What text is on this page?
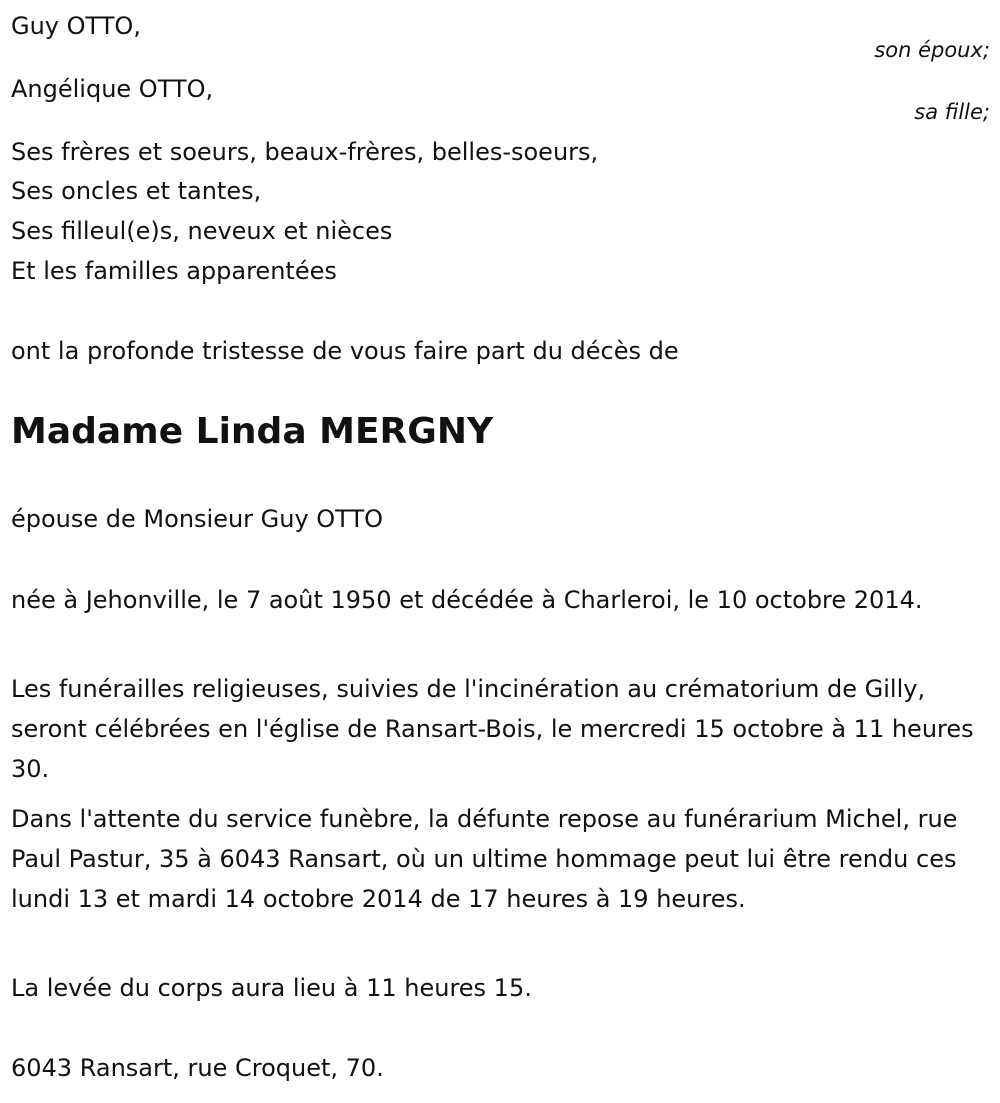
Guy OTTO,

son époux;

Angélique OTTO,

sa fille;

Ses frères et soeurs, beaux-frères, belles-soeurs,

Ses oncles et tantes,

Ses filleul(e)s, neveux et nièces

Et les familles apparentées

ont la profonde tristesse de vous faire part du décès de

Madame Linda MERGNY

épouse de Monsieur Guy OTTO

née à Jehonville, le 7 août 1950 et décédée à Charleroi, le 10 octobre 2014.

Les funérailles religieuses, suivies de l'incinération au crématorium de Gilly, seront célébrées en l'église de Ransart-Bois, le mercredi 15 octobre à 11 heures 30.

Dans l'attente du service funèbre, la défunte repose au funérarium Michel, rue Paul Pastur, 35 à 6043 Ransart, où un ultime hommage peut lui être rendu ces lundi 13 et mardi 14 octobre 2014 de 17 heures à 19 heures.

La levée du corps aura lieu à 11 heures 15.

6043 Ransart, rue Croquet, 70.
